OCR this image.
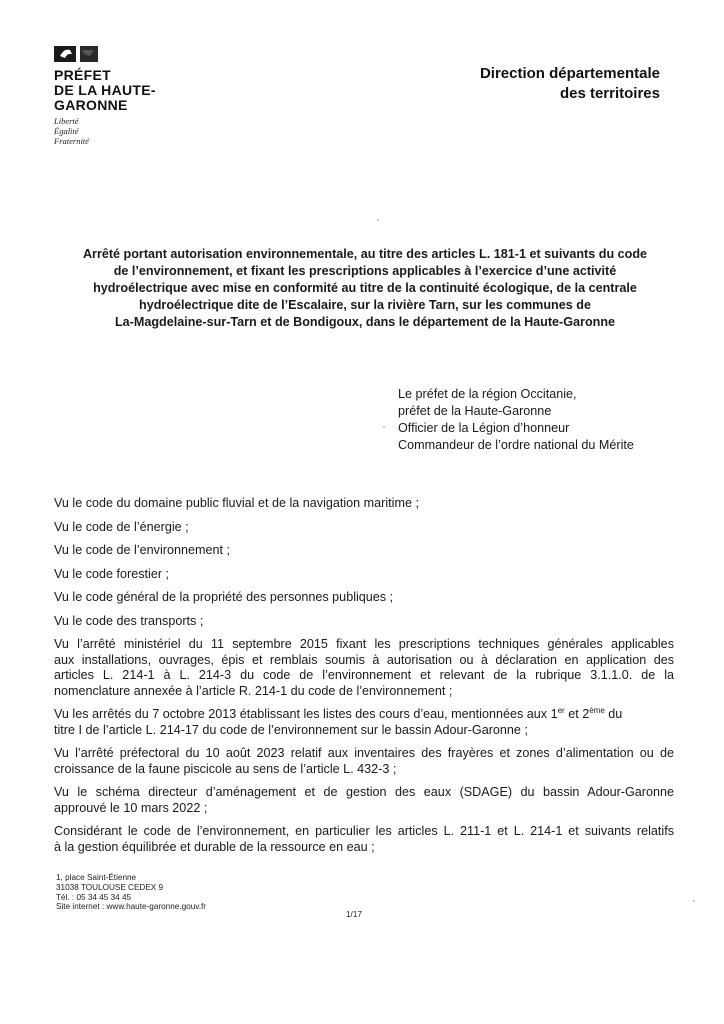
PRÉFET
DE LA HAUTE-
GARONNE
Liberté
Égalité
Fraternité
Direction départementale
des territoires
Arrêté portant autorisation environnementale, au titre des articles L. 181-1 et suivants du code
de l’environnement, et fixant les prescriptions applicables à l’exercice d’une activité
hydroélectrique avec mise en conformité au titre de la continuité écologique, de la centrale
hydroélectrique dite de l’Escalaire, sur la rivière Tarn, sur les communes de
La-Magdelaine-sur-Tarn et de Bondigoux, dans le département de la Haute-Garonne
Le préfet de la région Occitanie,
préfet de la Haute-Garonne
Officier de la Légion d’honneur
Commandeur de l’ordre national du Mérite

Vu le code du domaine public fluvial et de la navigation maritime ;

Vu le code de l’énergie ;

Vu le code de l’environnement ;

Vu le code forestier ;

Vu le code général de la propriété des personnes publiques ;

Vu le code des transports ;

Vu l’arrêté ministériel du 11 septembre 2015 fixant les prescriptions techniques générales applicables
aux installations, ouvrages, épis et remblais soumis à autorisation ou à déclaration en application des
articles L. 214-1 à L. 214-3 du code de l’environnement et relevant de la rubrique 3.1.1.0. de la
nomenclature annexée à l’article R. 214-1 du code de l’environnement ;

Vu les arrêtés du 7 octobre 2013 établissant les listes des cours d’eau, mentionnées aux 1er et 2ème du
titre I de l’article L. 214-17 du code de l’environnement sur le bassin Adour-Garonne ;

Vu l’arrêté préfectoral du 10 août 2023 relatif aux inventaires des frayères et zones d’alimentation ou de
croissance de la faune piscicole au sens de l’article L. 432-3 ;

Vu le schéma directeur d’aménagement et de gestion des eaux (SDAGE) du bassin Adour-Garonne
approuvé le 10 mars 2022 ;

Considérant le code de l’environnement, en particulier les articles L. 211-1 et L. 214-1 et suivants relatifs
à la gestion équilibrée et durable de la ressource en eau ;

1, place Saint-Étienne
31038 TOULOUSE CEDEX 9
Tél. : 05 34 45 34 45
Site internet : www.haute-garonne.gouv.fr
1/17
